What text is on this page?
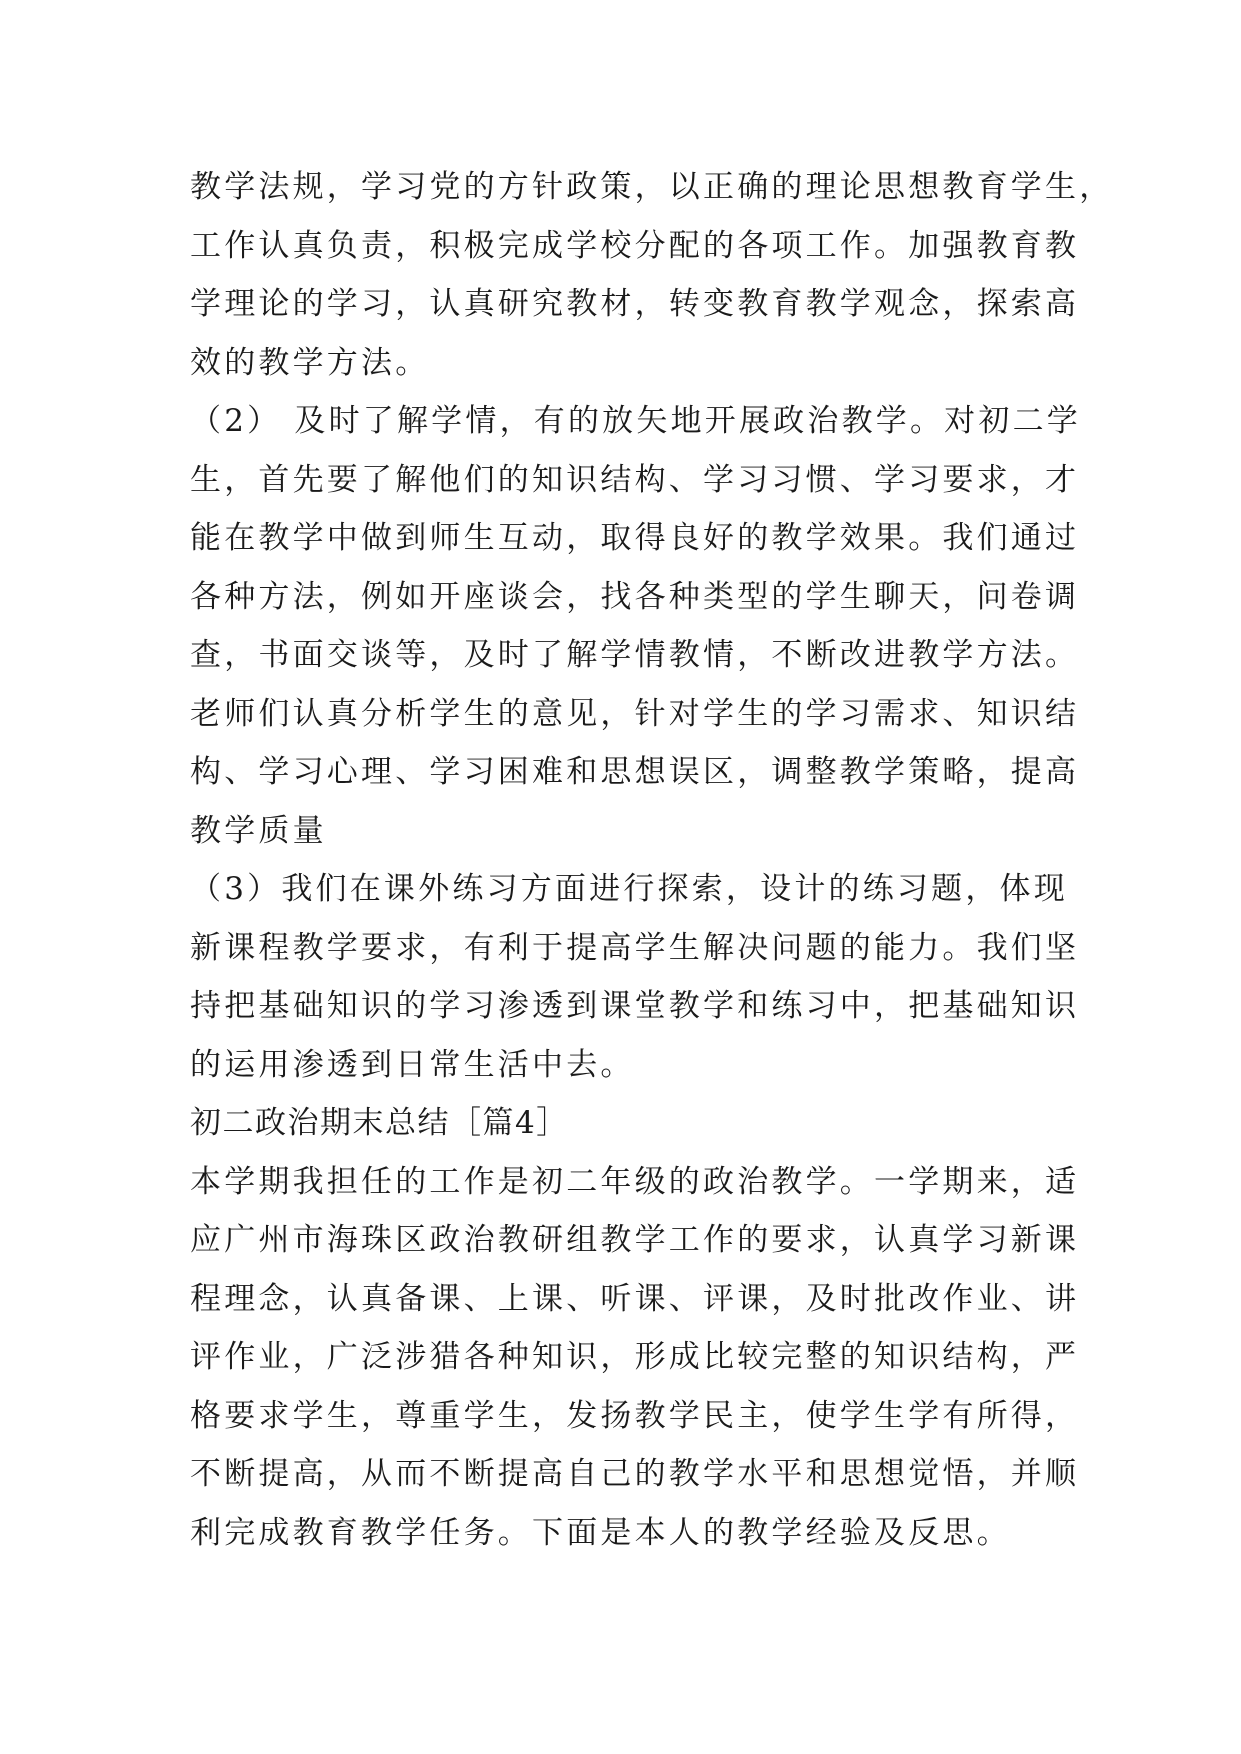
教学法规，学习党的方针政策，以正确的理论思想教育学生，
工作认真负责，积极完成学校分配的各项工作。加强教育教
学理论的学习，认真研究教材，转变教育教学观念，探索高
效的教学方法。
（2） 及时了解学情，有的放矢地开展政治教学。对初二学
生，首先要了解他们的知识结构、学习习惯、学习要求，才
能在教学中做到师生互动，取得良好的教学效果。我们通过
各种方法，例如开座谈会，找各种类型的学生聊天，问卷调
查，书面交谈等，及时了解学情教情，不断改进教学方法。
老师们认真分析学生的意见，针对学生的学习需求、知识结
构、学习心理、学习困难和思想误区，调整教学策略，提高
教学质量
（3）我们在课外练习方面进行探索，设计的练习题，体现
新课程教学要求，有利于提高学生解决问题的能力。我们坚
持把基础知识的学习渗透到课堂教学和练习中，把基础知识
的运用渗透到日常生活中去。
初二政治期末总结［篇4］
本学期我担任的工作是初二年级的政治教学。一学期来，适
应广州市海珠区政治教研组教学工作的要求，认真学习新课
程理念，认真备课、上课、听课、评课，及时批改作业、讲
评作业，广泛涉猎各种知识，形成比较完整的知识结构，严
格要求学生，尊重学生，发扬教学民主，使学生学有所得，
不断提高，从而不断提高自己的教学水平和思想觉悟，并顺
利完成教育教学任务。下面是本人的教学经验及反思。
